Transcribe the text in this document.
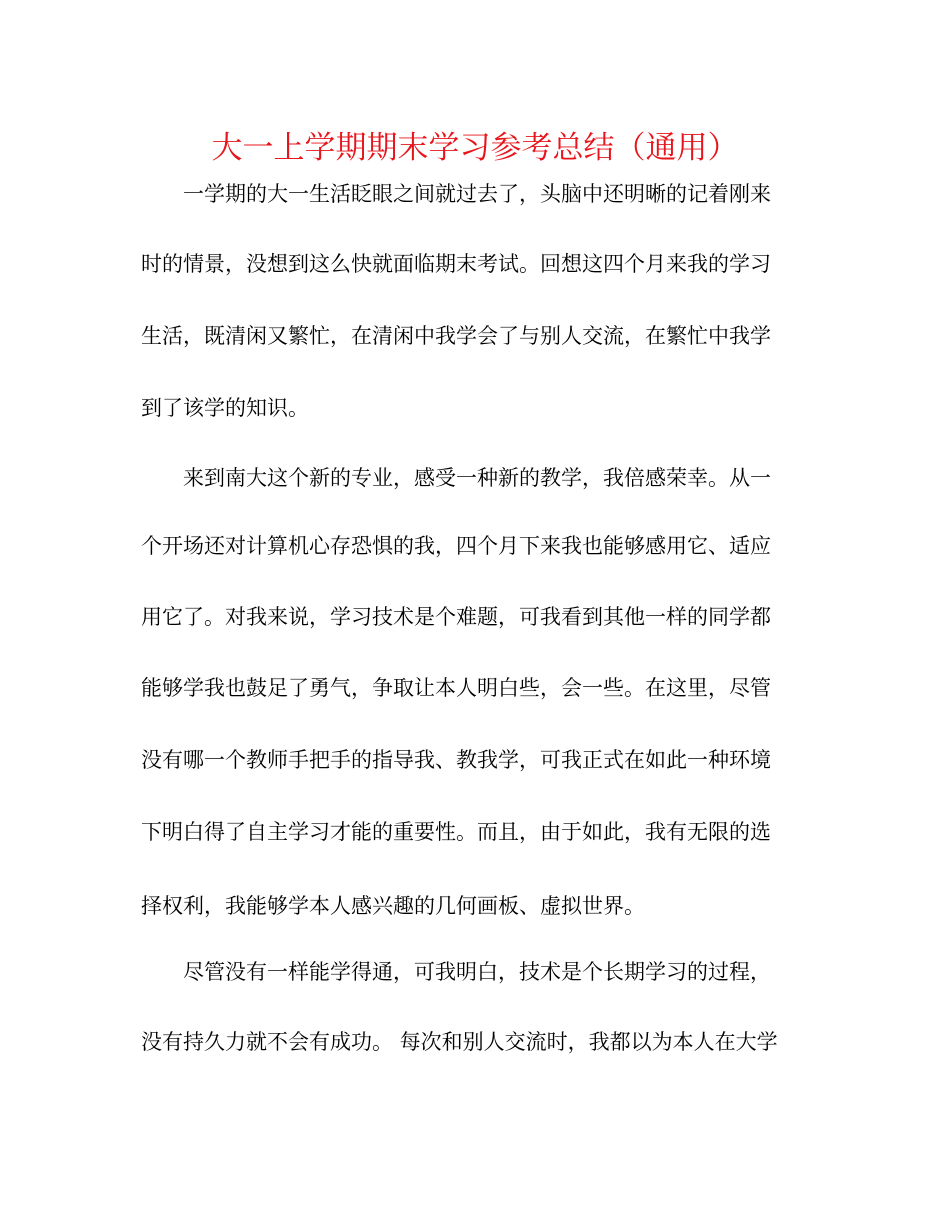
大一上学期期末学习参考总结（通用）
　　一学期的大一生活眨眼之间就过去了，头脑中还明晰的记着刚来
时的情景，没想到这么快就面临期末考试。回想这四个月来我的学习
生活，既清闲又繁忙，在清闲中我学会了与别人交流，在繁忙中我学
到了该学的知识。
　　来到南大这个新的专业，感受一种新的教学，我倍感荣幸。从一
个开场还对计算机心存恐惧的我，四个月下来我也能够感用它、适应
用它了。对我来说，学习技术是个难题，可我看到其他一样的同学都
能够学我也鼓足了勇气，争取让本人明白些，会一些。在这里，尽管
没有哪一个教师手把手的指导我、教我学，可我正式在如此一种环境
下明白得了自主学习才能的重要性。而且，由于如此，我有无限的选
择权利，我能够学本人感兴趣的几何画板、虚拟世界。
　　尽管没有一样能学得通，可我明白，技术是个长期学习的过程，
没有持久力就不会有成功。 每次和别人交流时，我都以为本人在大学
